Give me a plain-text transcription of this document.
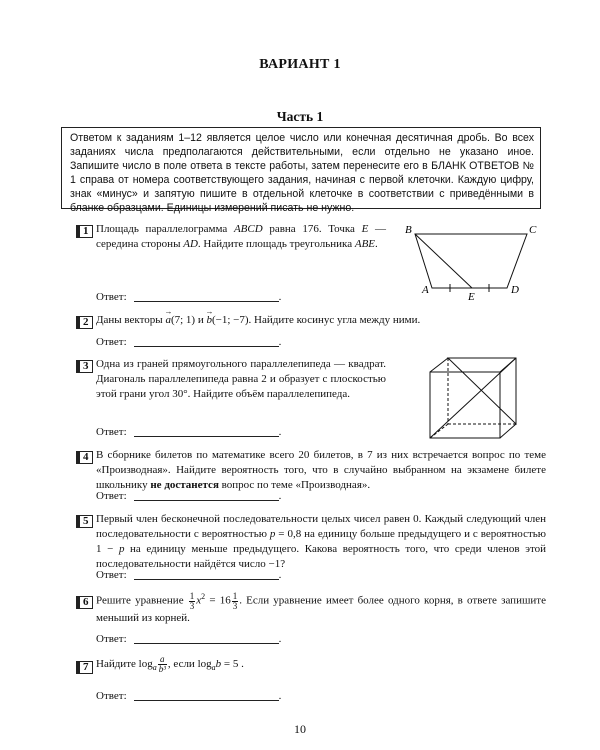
ВАРИАНТ 1
Часть 1
Ответом к заданиям 1–12 является целое число или конечная десятичная дробь. Во всех заданиях числа предполагаются действительными, если отдельно не указано иное. Запишите число в поле ответа в тексте работы, затем перенесите его в БЛАНК ОТВЕТОВ № 1 справа от номера соответствующего задания, начиная с первой клеточки. Каждую цифру, знак «минус» и запятую пишите в отдельной клеточке в соответствии с приведёнными в бланке образцами. Единицы измерений писать не нужно.
1 Площадь параллелограмма ABCD равна 176. Точка E — середина стороны AD. Найдите площадь треугольника ABE.
B	C
A
E
D
Ответ:	.
2 Даны векторы → a(7; 1) и → b(−1; −7). Найдите косинус угла между ними.
Ответ:	.
3 Одна из граней прямоугольного параллелепипеда — квадрат. Диагональ параллелепипеда равна 2 и образует с плоскостью этой грани угол 30°. Найдите объём параллелепипеда.
Ответ:	.
4 В сборнике билетов по математике всего 20 билетов, в 7 из них встречается вопрос по теме «Производная». Найдите вероятность того, что в случайно выбранном на экзамене билете школьнику не достанется вопрос по теме «Производная».
Ответ:	.
5 Первый член бесконечной последовательности целых чисел равен 0. Каждый следующий член последовательности с вероятностью p = 0,8 на единицу больше предыдущего и с вероятностью 1 − p на единицу меньше предыдущего. Какова вероятность того, что среди членов этой последовательности найдётся число −1?
Ответ:	.
6 Решите уравнение $\frac{1}{3} x^2 = 16 \frac{1}{3}$ . Если уравнение имеет более одного корня, в ответе запишите меньший из корней.
Ответ:	.
7 Найдите $\log_a \frac{a}{\text{b³}}$ , если $\log_ab = 5$ .
Ответ:	.
10
